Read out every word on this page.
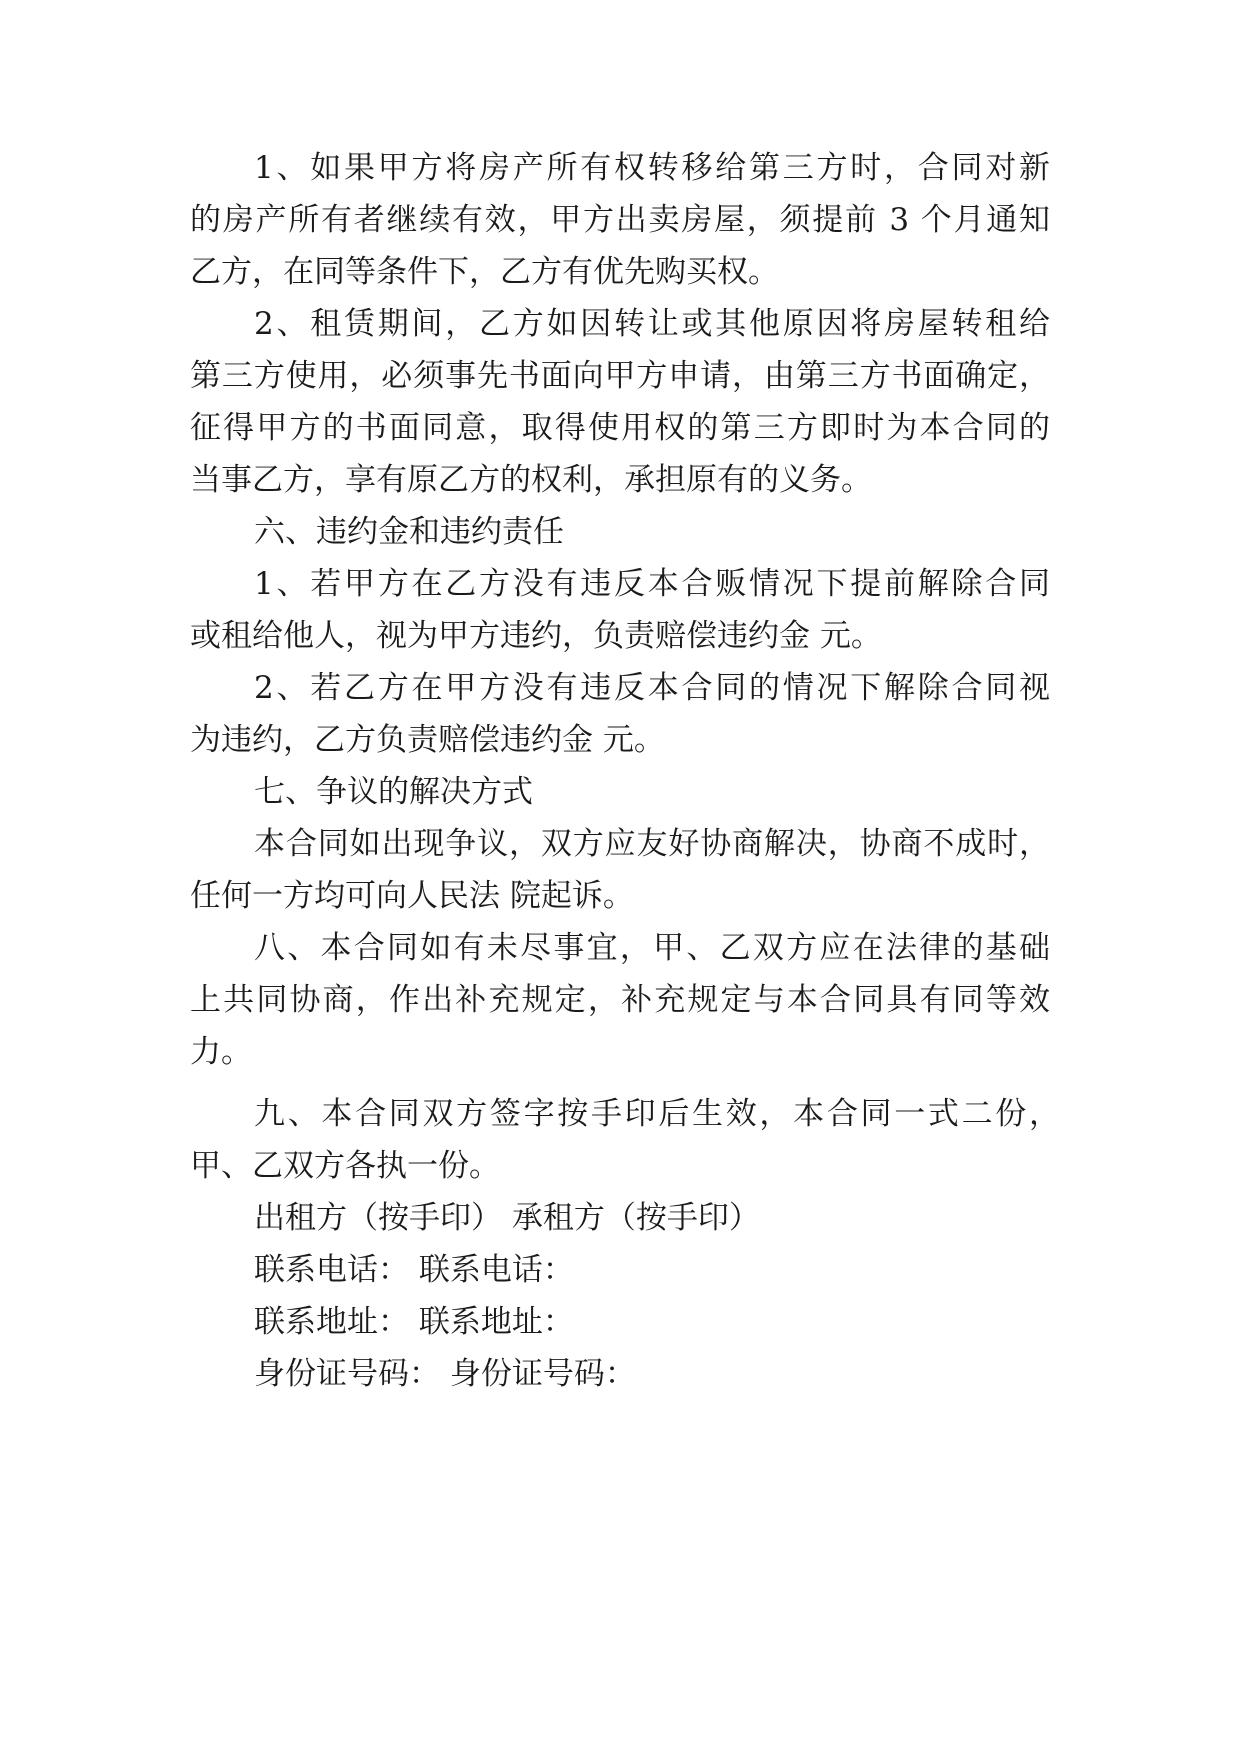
1、如果甲方将房产所有权转移给第三方时，合同对新
的房产所有者继续有效，甲方出卖房屋，须提前 3 个月通知
乙方，在同等条件下，乙方有优先购买权。
2、租赁期间，乙方如因转让或其他原因将房屋转租给
第三方使用，必须事先书面向甲方申请，由第三方书面确定，
征得甲方的书面同意，取得使用权的第三方即时为本合同的
当事乙方，享有原乙方的权利，承担原有的义务。
六、违约金和违约责任
1、若甲方在乙方没有违反本合贩情况下提前解除合同
或租给他人，视为甲方违约，负责赔偿违约金 元。
2、若乙方在甲方没有违反本合同的情况下解除合同视
为违约，乙方负责赔偿违约金 元。
七、争议的解决方式
本合同如出现争议，双方应友好协商解决，协商不成时，
任何一方均可向人民法 院起诉。
八、本合同如有未尽事宜，甲、乙双方应在法律的基础
上共同协商，作出补充规定，补充规定与本合同具有同等效
力。
九、本合同双方签字按手印后生效，本合同一式二份，
甲、乙双方各执一份。
出租方（按手印） 承租方（按手印）
联系电话： 联系电话：
联系地址： 联系地址：
身份证号码： 身份证号码：
